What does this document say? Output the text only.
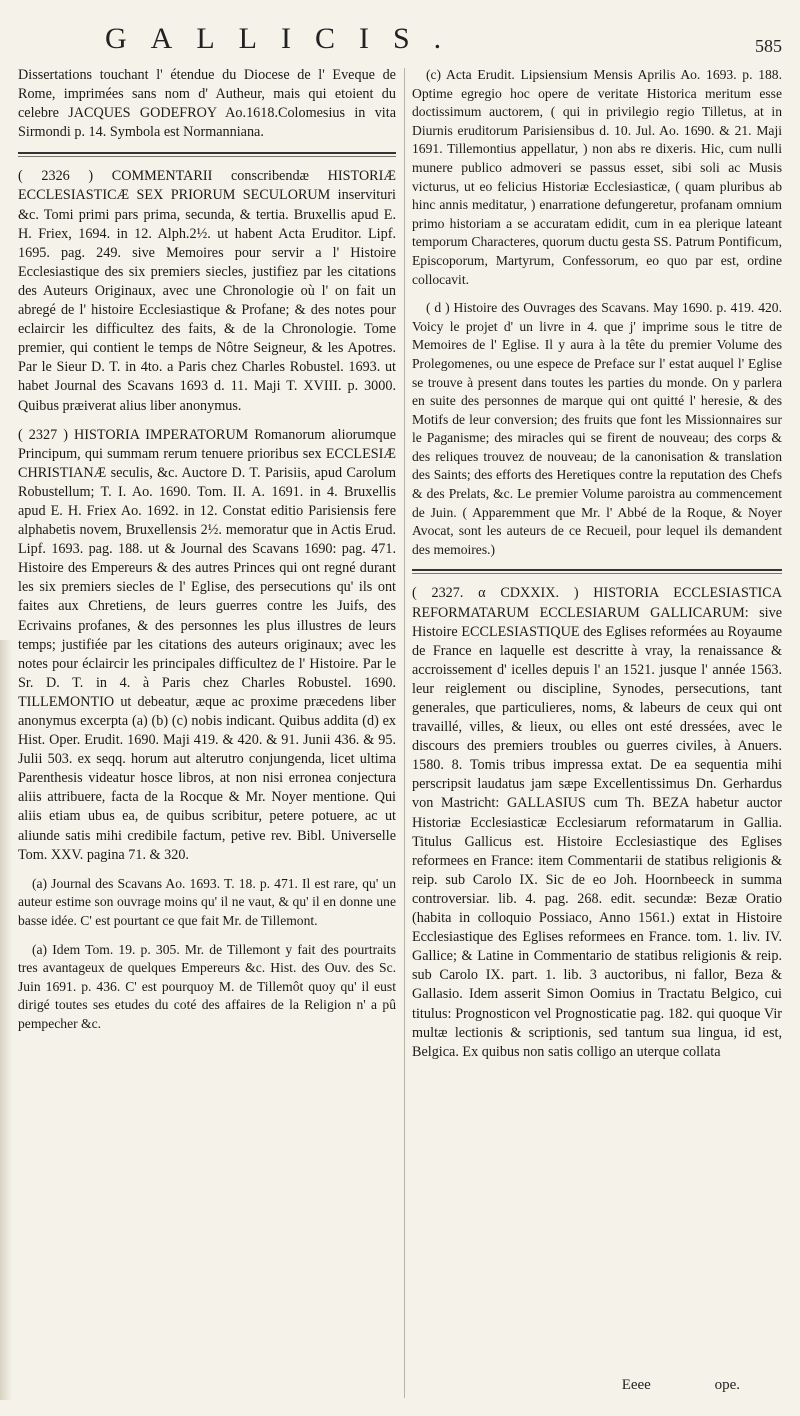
GALLICIS.	585

Dissertations touchant l' étendue du Diocese de l' Eveque de Rome, imprimées sans nom d' Autheur, mais qui etoient du celebre JACQUES GODEFROY Ao.1618.Colomesius in vita Sirmondi p. 14. Symbola est Normanniana.

( 2326 ) COMMENTARII conscribendæ HISTORIÆ ECCLESIASTICÆ SEX PRIORUM SECULORUM inservituri &c. Tomi primi pars prima, secunda, & tertia. Bruxellis apud E. H. Friex, 1694. in 12. Alph.2½. ut habent Acta Eruditor. Lipf. 1695. pag. 249. sive Memoires pour servir a l' Histoire Ecclesiastique des six premiers siecles, justifiez par les citations des Auteurs Originaux, avec une Chronologie où l' on fait un abregé de l' histoire Ecclesiastique & Profane; & des notes pour eclaircir les difficultez des faits, & de la Chronologie. Tome premier, qui contient le temps de Nôtre Seigneur, & les Apotres. Par le Sieur D. T. in 4to. a Paris chez Charles Robustel. 1693. ut habet Journal des Scavans 1693 d. 11. Maji T. XVIII. p. 3000. Quibus præiverat alius liber anonymus.

( 2327 ) HISTORIA IMPERATORUM Romanorum aliorumque Principum, qui summam rerum tenuere prioribus sex ECCLESIÆ CHRISTIANÆ seculis, &c. Auctore D. T. Parisiis, apud Carolum Robustellum; T. I. Ao. 1690. Tom. II. A. 1691. in 4. Bruxellis apud E. H. Friex Ao. 1692. in 12. Constat editio Parisiensis fere alphabetis novem, Bruxellensis 2½. memoratur que in Actis Erud. Lipf. 1693. pag. 188. ut & Journal des Scavans 1690: pag. 471. Histoire des Empereurs & des autres Princes qui ont regné durant les six premiers siecles de l' Eglise, des persecutions qu' ils ont faites aux Chretiens, de leurs guerres contre les Juifs, des Ecrivains profanes, & des personnes les plus illustres de leurs temps; justifiée par les citations des auteurs originaux; avec les notes pour éclaircir les principales difficultez de l' Histoire. Par le Sr. D. T. in 4. à Paris chez Charles Robustel. 1690. TILLEMONTIO ut debeatur, æque ac proxime præcedens liber anonymus excerpta (a) (b) (c) nobis indicant. Quibus addita (d) ex Hist. Oper. Erudit. 1690. Maji 419. & 420. & 91. Junii 436. & 95. Julii 503. ex seqq. horum aut alterutro conjungenda, licet ultima Parenthesis videatur hosce libros, at non nisi erronea conjectura aliis attribuere, facta de la Rocque & Mr. Noyer mentione. Qui aliis etiam ubus ea, de quibus scribitur, petere potuere, ac ut aliunde satis mihi credibile factum, petive rev. Bibl. Universelle Tom. XXV. pagina 71. & 320.

(a) Journal des Scavans Ao. 1693. T. 18. p. 471. Il est rare, qu' un auteur estime son ouvrage moins qu' il ne vaut, & qu' il en donne une basse idée. C' est pourtant ce que fait Mr. de Tillemont.

(a) Idem Tom. 19. p. 305. Mr. de Tillemont y fait des pourtraits tres avantageux de quelques Empereurs &c. Hist. des Ouv. des Sc. Juin 1691. p. 436. C' est pourquoy M. de Tillemôt quoy qu' il eust dirigé toutes ses etudes du coté des affaires de la Religion n' a pû pempecher &c.

(c) Acta Erudit. Lipsiensium Mensis Aprilis Ao. 1693. p. 188. Optime egregio hoc opere de veritate Historica meritum esse doctissimum auctorem, ( qui in privilegio regio Tilletus, at in Diurnis eruditorum Parisiensibus d. 10. Jul. Ao. 1690. & 21. Maji 1691. Tillemontius appellatur, ) non abs re dixeris. Hic, cum nulli munere publico admoveri se passus esset, sibi soli ac Musis victurus, ut eo felicius Historiæ Ecclesiasticæ, ( quam pluribus ab hinc annis meditatur, ) enarratione defungeretur, profanam omnium primo historiam a se accuratam edidit, cum in ea plerique lateant temporum Characteres, quorum ductu gesta SS. Patrum Pontificum, Episcoporum, Martyrum, Confessorum, eo quo par est, ordine collocavit.

( d ) Histoire des Ouvrages des Scavans. May 1690. p. 419. 420. Voicy le projet d' un livre in 4. que j' imprime sous le titre de Memoires de l' Eglise. Il y aura à la tête du premier Volume des Prolegomenes, ou une espece de Preface sur l' estat auquel l' Eglise se trouve à present dans toutes les parties du monde. On y parlera en suite des personnes de marque qui ont quitté l' heresie, & des Motifs de leur conversion; des fruits que font les Missionnaires sur le Paganisme; des miracles qui se firent de nouveau; des corps & des reliques trouvez de nouveau; de la canonisation & translation des Saints; des efforts des Heretiques contre la reputation des Chefs & des Prelats, &c. Le premier Volume paroistra au commencement de Juin. ( Apparemment que Mr. l' Abbé de la Roque, & Noyer Avocat, sont les auteurs de ce Recueil, pour lequel ils demandent des memoires.)

( 2327. α CDXXIX. ) HISTORIA ECCLESIASTICA REFORMATARUM ECCLESIARUM GALLICARUM: sive Histoire ECCLESIASTIQUE des Eglises reformées au Royaume de France en laquelle est descritte à vray, la renaissance & accroissement d' icelles depuis l' an 1521. jusque l' année 1563. leur reiglement ou discipline, Synodes, persecutions, tant generales, que particulieres, noms, & labeurs de ceux qui ont travaillé, villes, & lieux, ou elles ont esté dressées, avec le discours des premiers troubles ou guerres civiles, à Anuers. 1580. 8. Tomis tribus impressa extat. De ea sequentia mihi perscripsit laudatus jam sæpe Excellentissimus Dn. Gerhardus von Mastricht: GALLASIUS cum Th. BEZA habetur auctor Historiæ Ecclesiasticæ Ecclesiarum reformatarum in Gallia. Titulus Gallicus est. Histoire Ecclesiastique des Eglises reformees en France: item Commentarii de statibus religionis & reip. sub Carolo IX. Sic de eo Joh. Hoornbeeck in summa controversiar. lib. 4. pag. 268. edit. secundæ: Bezæ Oratio (habita in colloquio Possiaco, Anno 1561.) extat in Histoire Ecclesiastique des Eglises reformees en France. tom. 1. liv. IV. Gallice; & Latine in Commentario de statibus religionis & reip. sub Carolo IX. part. 1. lib. 3 auctoribus, ni fallor, Beza & Gallasio. Idem asserit Simon Oomius in Tractatu Belgico, cui titulus: Prognosticon vel Prognosticatie pag. 182. qui quoque Vir multæ lectionis & scriptionis, sed tantum sua lingua, id est, Belgica. Ex quibus non satis colligo an uterque collata

Eeee	ope.
